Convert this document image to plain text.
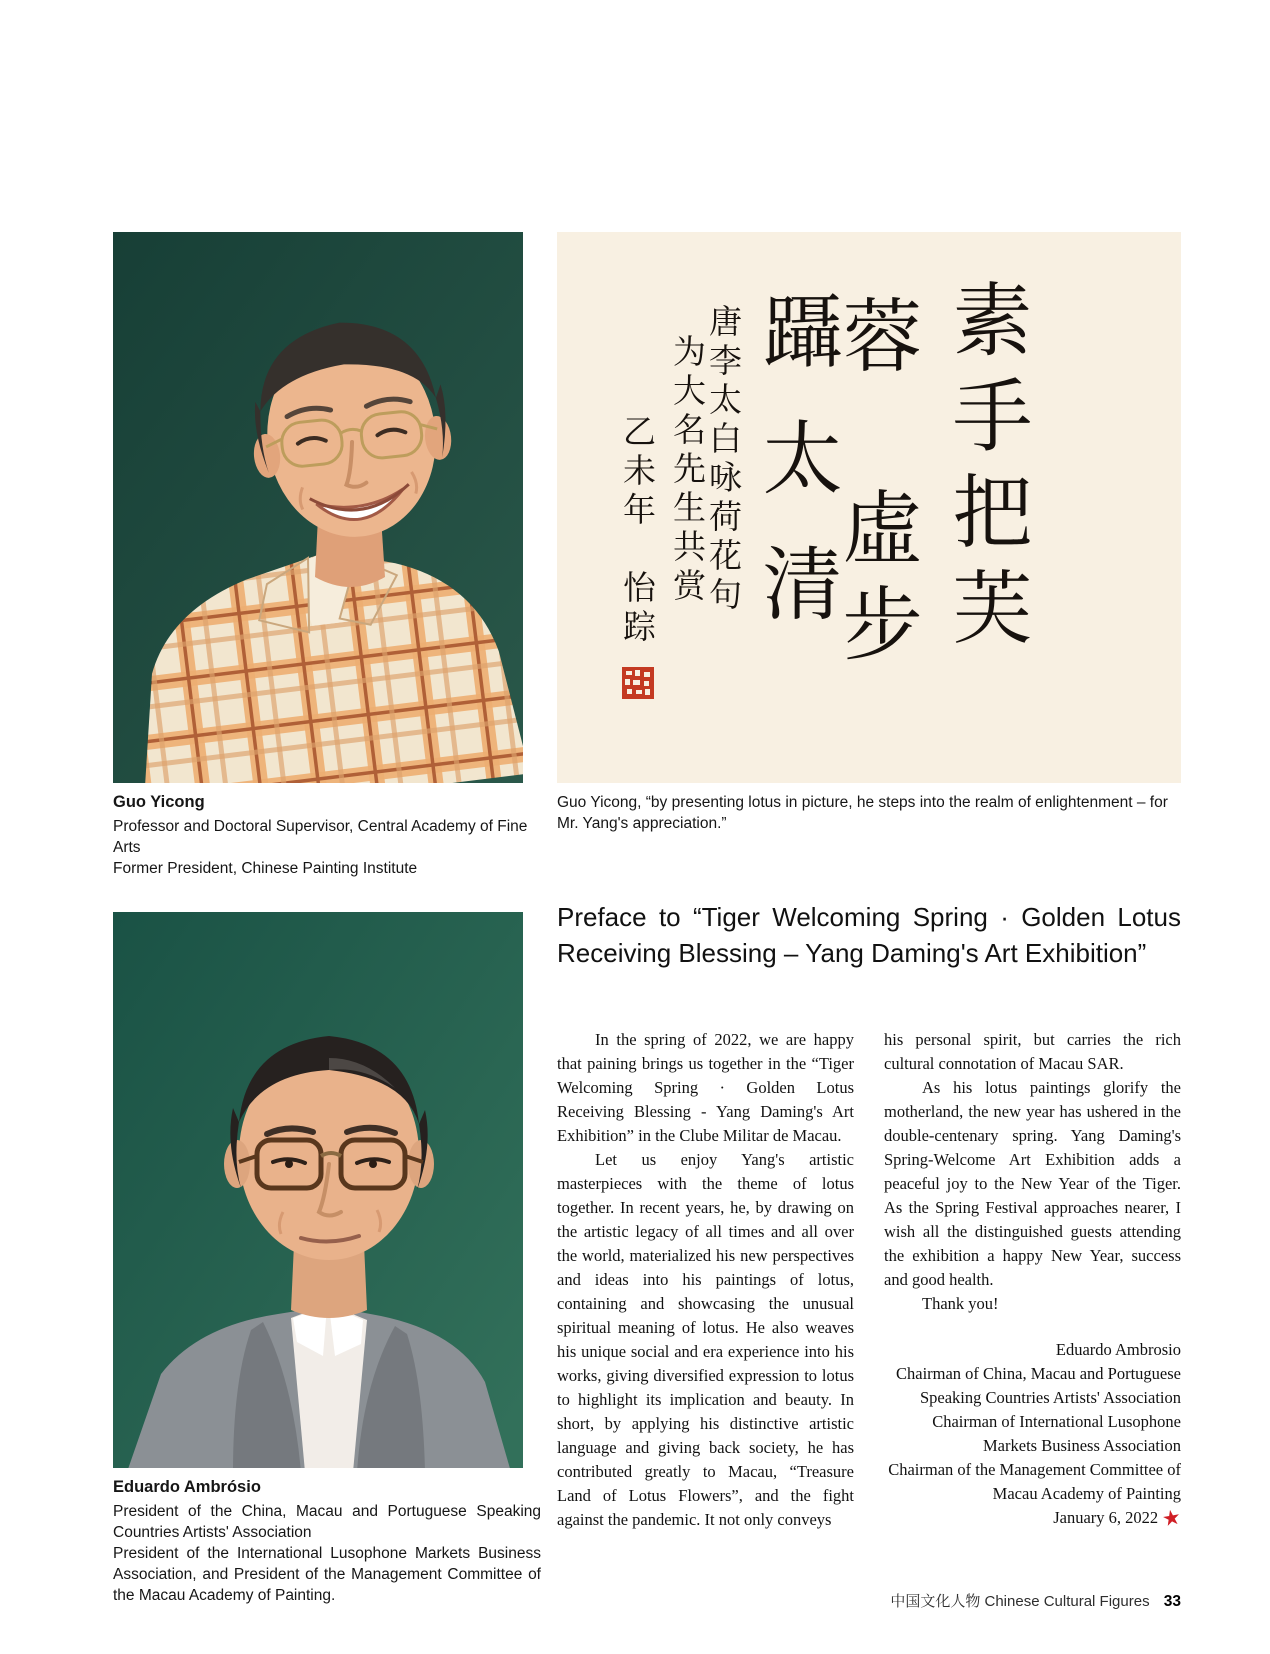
Guo Yicong
Professor and Doctoral Supervisor, Central Academy of Fine Arts
Former President, Chinese Painting Institute
素手把芙
蓉　虛步
躡太清
唐李太白咏荷花句
为大名先生共赏
乙未年　怡踪
Guo Yicong, “by presenting lotus in picture, he steps into the realm of enlightenment – for Mr. Yang's appreciation.”
Preface to “Tiger Welcoming Spring · Golden Lotus
Receiving Blessing – Yang Daming's Art Exhibition”
Eduardo Ambrósio
President of the China, Macau and Portuguese Speaking Countries Artists' Association
President of the International Lusophone Markets Business Association, and President of the Management Committee of the Macau Academy of Painting.

In the spring of 2022, we are happy that paining brings us together in the “Tiger Welcoming Spring · Golden Lotus Receiving Blessing - Yang Daming's Art Exhibition” in the Clube Militar de Macau.

Let us enjoy Yang's artistic masterpieces with the theme of lotus together. In recent years, he, by drawing on the artistic legacy of all times and all over the world, materialized his new perspectives and ideas into his paintings of lotus, containing and showcasing the unusual spiritual meaning of lotus. He also weaves his unique social and era experience into his works, giving diversified expression to lotus to highlight its implication and beauty. In short, by applying his distinctive artistic language and giving back society, he has contributed greatly to Macau, “Treasure Land of Lotus Flowers”, and the fight against the pandemic. It not only conveys

his personal spirit, but carries the rich cultural connotation of Macau SAR.

As his lotus paintings glorify the motherland, the new year has ushered in the double-centenary spring. Yang Daming's Spring-Welcome Art Exhibition adds a peaceful joy to the New Year of the Tiger. As the Spring Festival approaches nearer, I wish all the distinguished guests attending the exhibition a happy New Year, success and good health.

Thank you!

Eduardo Ambrosio

Chairman of China, Macau and Portuguese Speaking Countries Artists' Association

Chairman of International Lusophone Markets Business Association

Chairman of the Management Committee of Macau Academy of Painting

January 6, 2022★

中国文化人物 Chinese Cultural Figures 33
